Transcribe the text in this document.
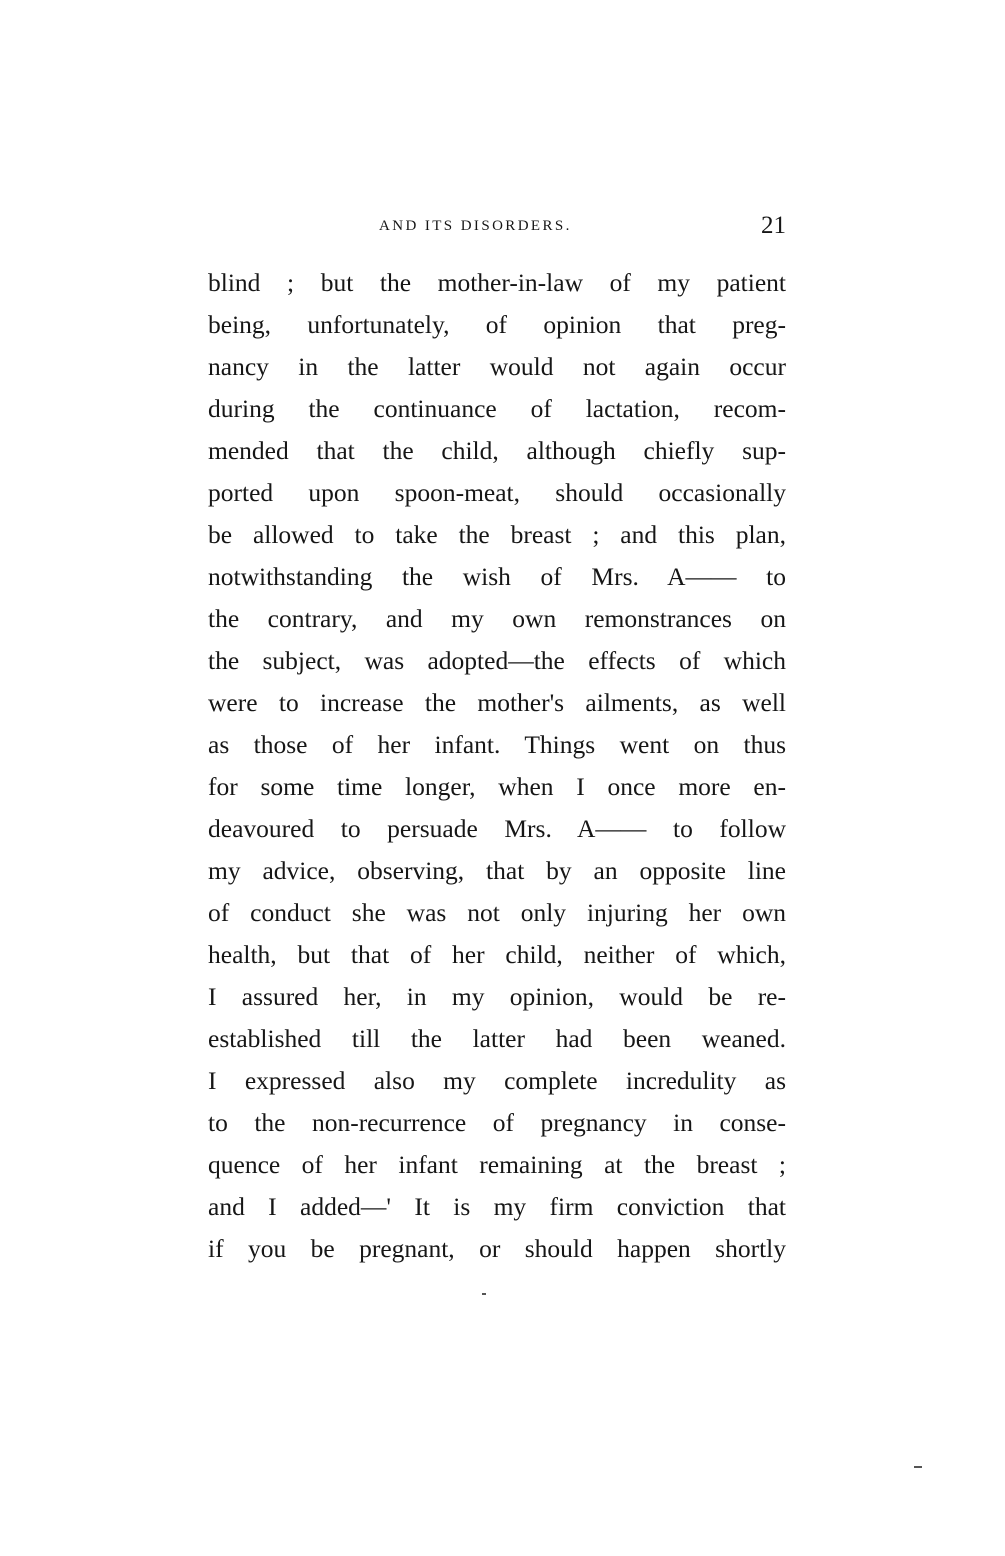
AND ITS DISORDERS.	21
blind ; but the mother-in-law of my patient
being, unfortunately, of opinion that preg-
nancy in the latter would not again occur
during the continuance of lactation, recom-
mended that the child, although chiefly sup-
ported upon spoon-meat, should occasionally
be allowed to take the breast ; and this plan,
notwithstanding the wish of Mrs. A—— to
the contrary, and my own remonstrances on
the subject, was adopted—the effects of which
were to increase the mother's ailments, as well
as those of her infant. Things went on thus
for some time longer, when I once more en-
deavoured to persuade Mrs. A—— to follow
my advice, observing, that by an opposite line
of conduct she was not only injuring her own
health, but that of her child, neither of which,
I assured her, in my opinion, would be re-
established till the latter had been weaned.
I expressed also my complete incredulity as
to the non-recurrence of pregnancy in conse-
quence of her infant remaining at the breast ;
and I added—' It is my firm conviction that
if you be pregnant, or should happen shortly
